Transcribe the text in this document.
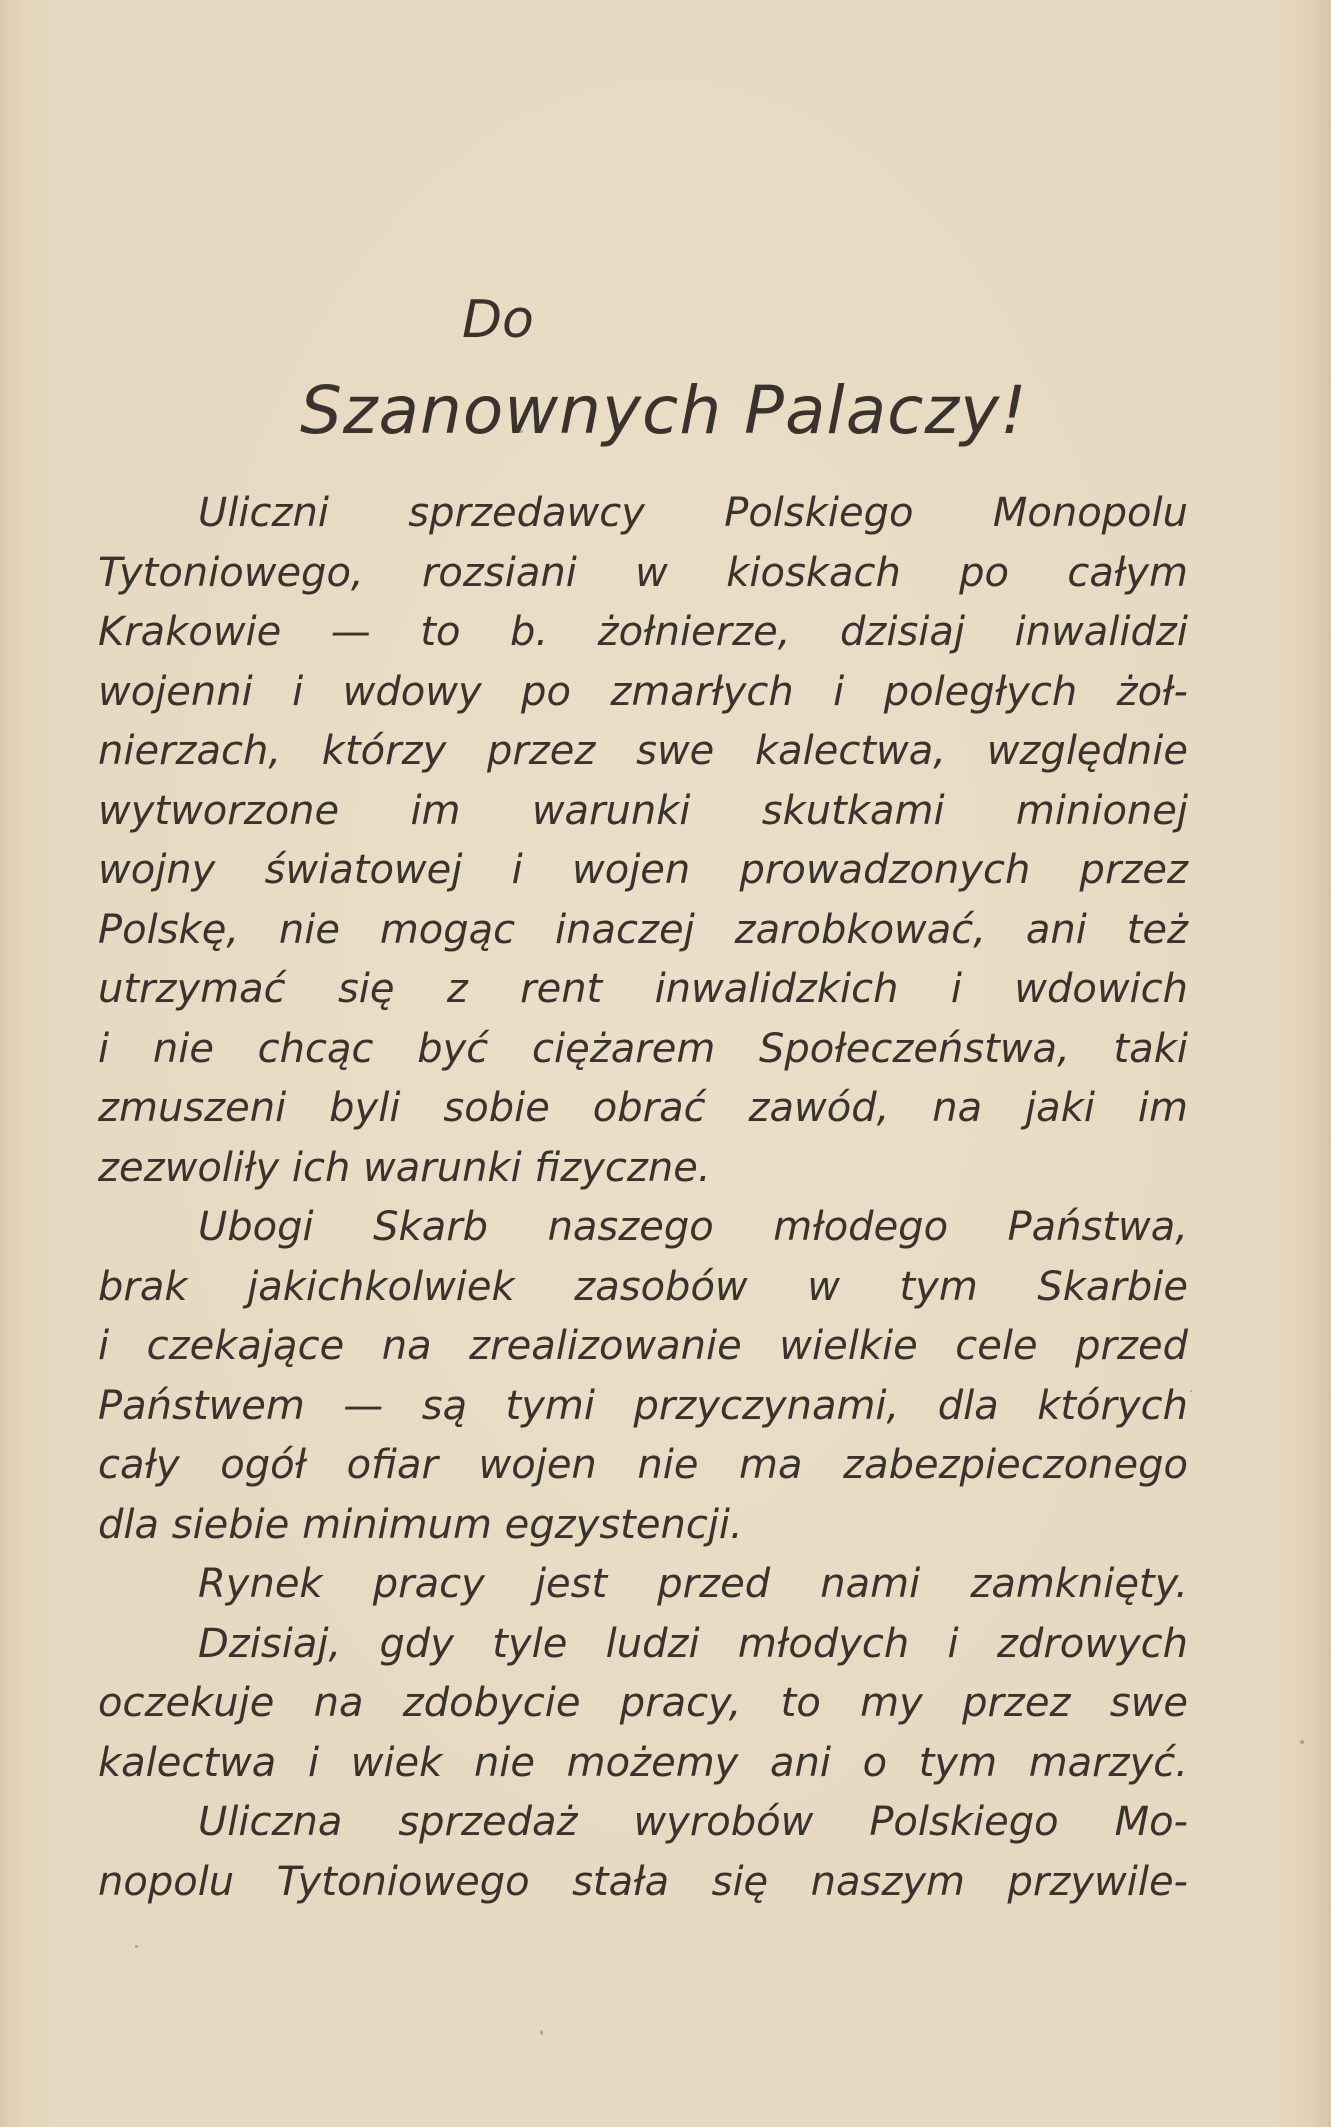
Do
Szanownych Palaczy!
Uliczni sprzedawcy Polskiego Monopolu
Tytoniowego, rozsiani w kioskach po całym
Krakowie — to b. żołnierze, dzisiaj inwalidzi
wojenni i wdowy po zmarłych i poległych żoł-
nierzach, którzy przez swe kalectwa, względnie
wytworzone im warunki skutkami minionej
wojny światowej i wojen prowadzonych przez
Polskę, nie mogąc inaczej zarobkować, ani też
utrzymać się z rent inwalidzkich i wdowich
i nie chcąc być ciężarem Społeczeństwa, taki
zmuszeni byli sobie obrać zawód, na jaki im
zezwoliły ich warunki fizyczne.
Ubogi Skarb naszego młodego Państwa,
brak jakichkolwiek zasobów w tym Skarbie
i czekające na zrealizowanie wielkie cele przed
Państwem — są tymi przyczynami, dla których
cały ogół ofiar wojen nie ma zabezpieczonego
dla siebie minimum egzystencji.
Rynek pracy jest przed nami zamknięty.
Dzisiaj, gdy tyle ludzi młodych i zdrowych
oczekuje na zdobycie pracy, to my przez swe
kalectwa i wiek nie możemy ani o tym marzyć.
Uliczna sprzedaż wyrobów Polskiego Mo-
nopolu Tytoniowego stała się naszym przywile-
